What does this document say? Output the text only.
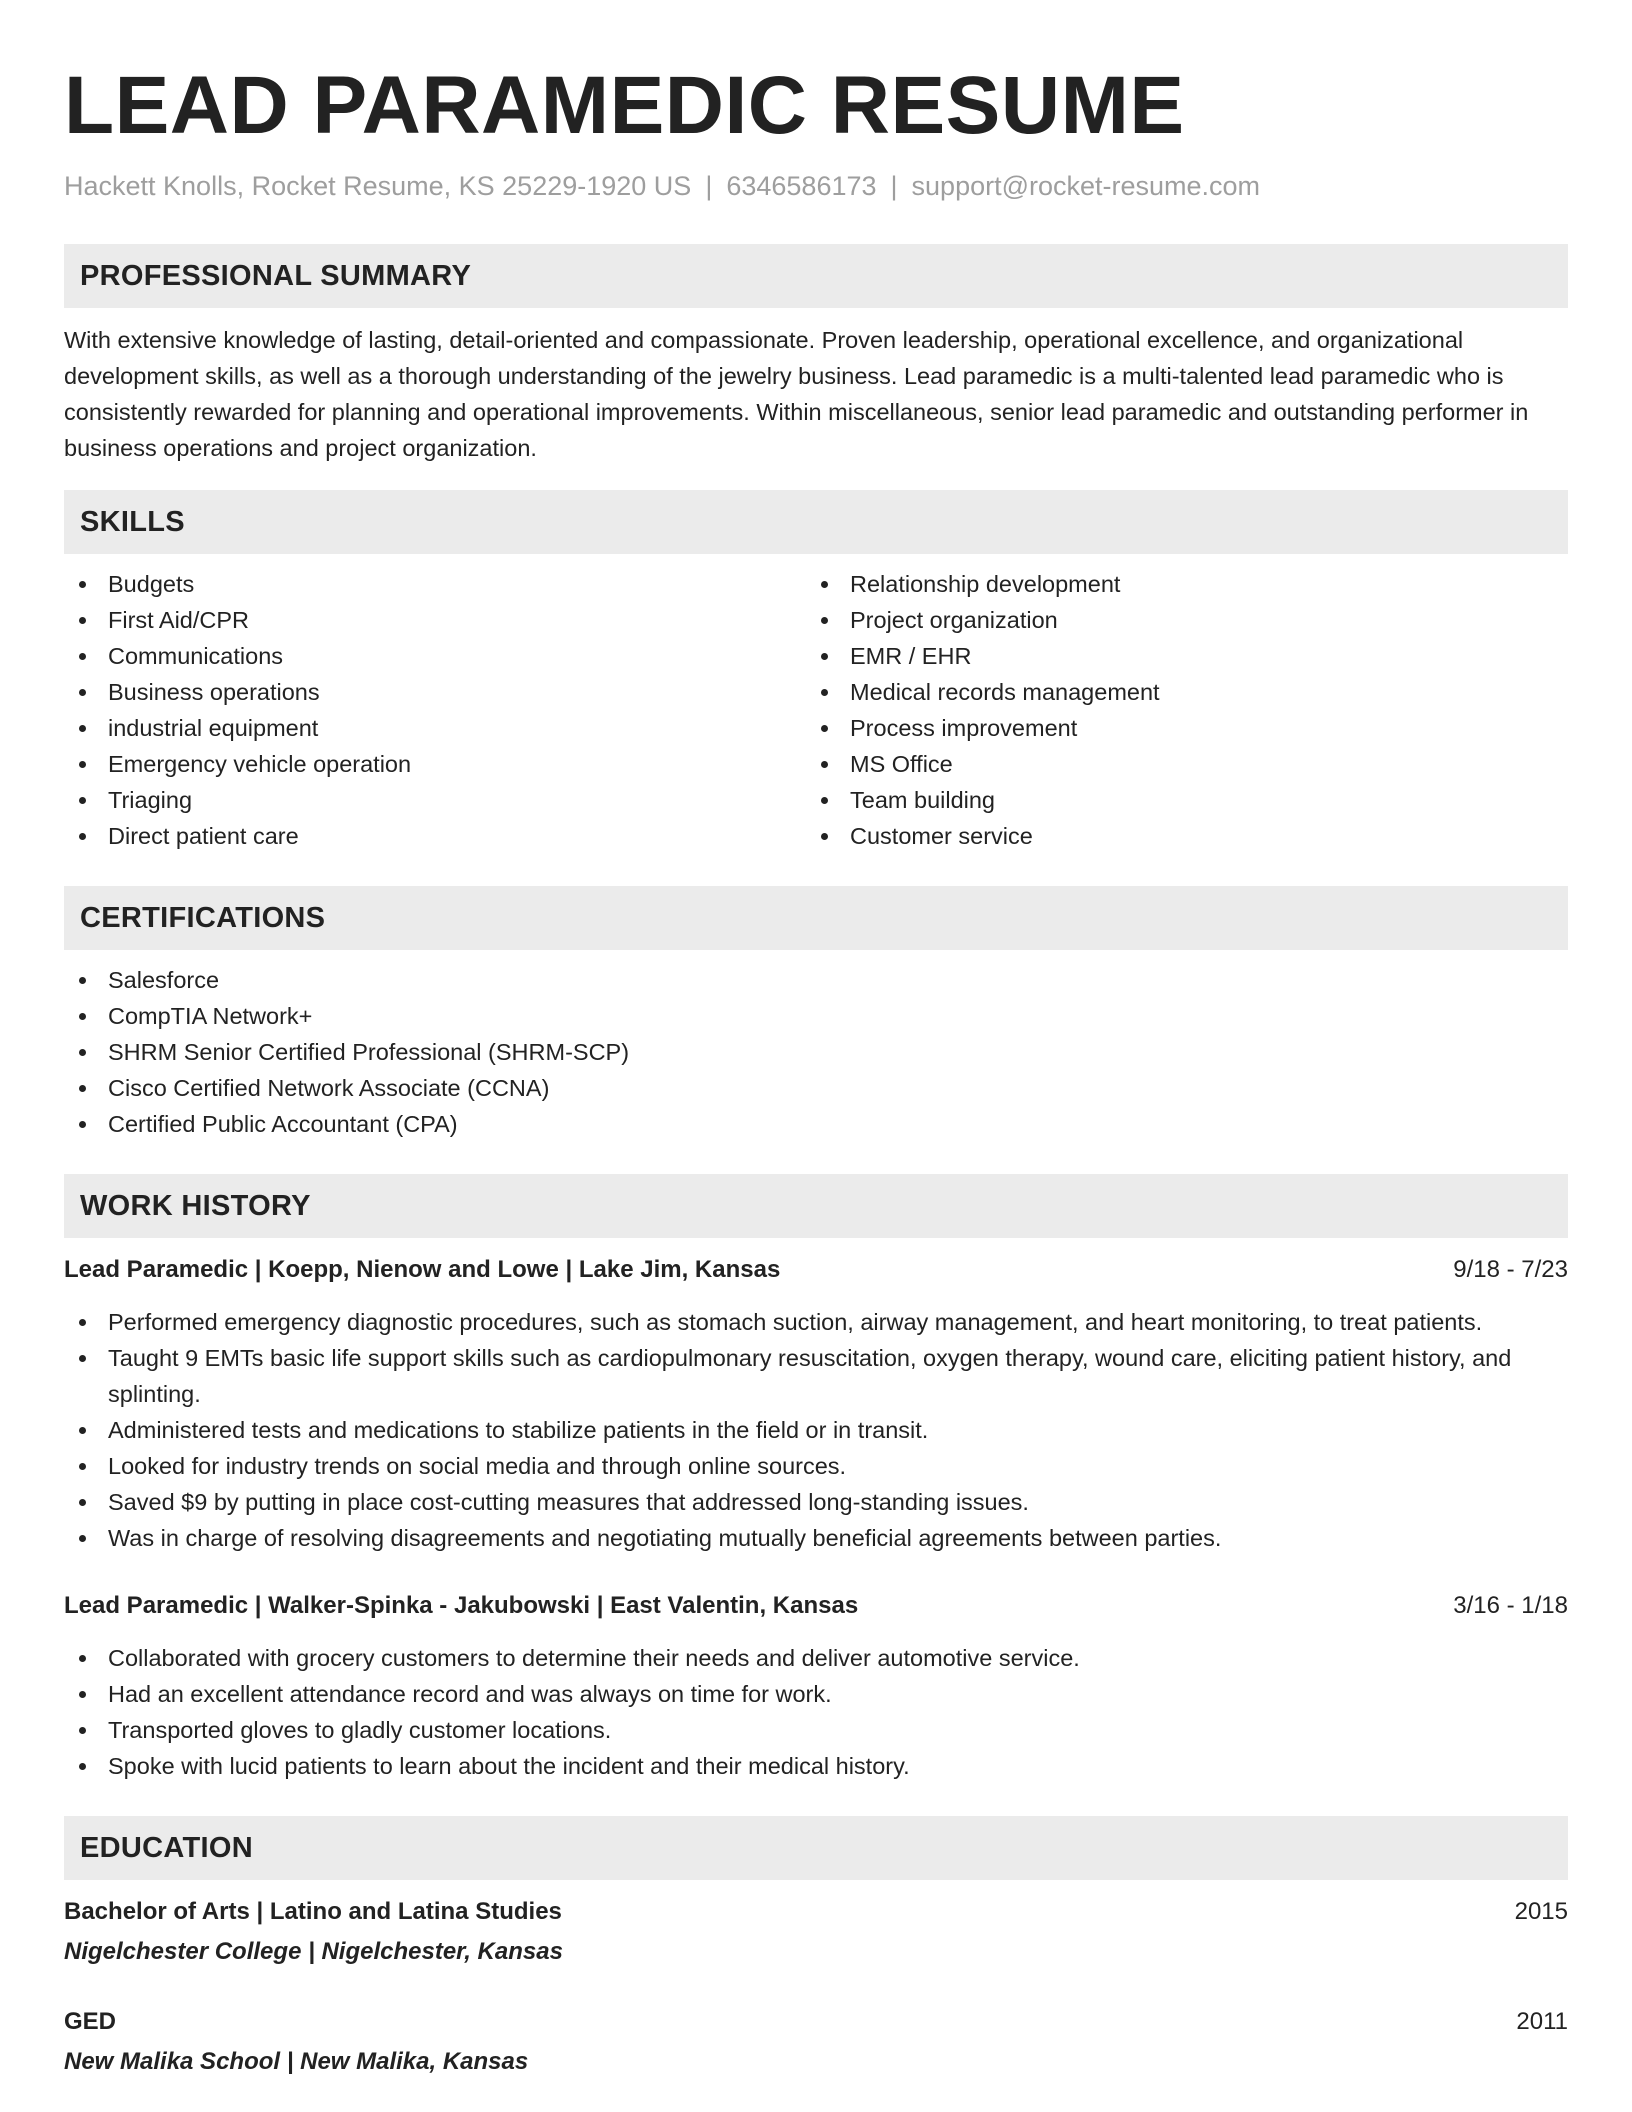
LEAD PARAMEDIC RESUME
Hackett Knolls, Rocket Resume, KS 25229-1920 US | 6346586173 | support@rocket-resume.com
PROFESSIONAL SUMMARY

With extensive knowledge of lasting, detail-oriented and compassionate. Proven leadership, operational excellence, and organizational development skills, as well as a thorough understanding of the jewelry business. Lead paramedic is a multi-talented lead paramedic who is consistently rewarded for planning and operational improvements. Within miscellaneous, senior lead paramedic and outstanding performer in business operations and project organization.

SKILLS
Budgets
First Aid/CPR
Communications
Business operations
industrial equipment
Emergency vehicle operation
Triaging
Direct patient care
Relationship development
Project organization
EMR / EHR
Medical records management
Process improvement
MS Office
Team building
Customer service
CERTIFICATIONS
Salesforce
CompTIA Network+
SHRM Senior Certified Professional (SHRM-SCP)
Cisco Certified Network Associate (CCNA)
Certified Public Accountant (CPA)
WORK HISTORY
Lead Paramedic | Koepp, Nienow and Lowe | Lake Jim, Kansas	9/18 - 7/23
Performed emergency diagnostic procedures, such as stomach suction, airway management, and heart monitoring, to treat patients.
Taught 9 EMTs basic life support skills such as cardiopulmonary resuscitation, oxygen therapy, wound care, eliciting patient history, and splinting.
Administered tests and medications to stabilize patients in the field or in transit.
Looked for industry trends on social media and through online sources.
Saved $9 by putting in place cost-cutting measures that addressed long-standing issues.
Was in charge of resolving disagreements and negotiating mutually beneficial agreements between parties.
Lead Paramedic | Walker-Spinka - Jakubowski | East Valentin, Kansas	3/16 - 1/18
Collaborated with grocery customers to determine their needs and deliver automotive service.
Had an excellent attendance record and was always on time for work.
Transported gloves to gladly customer locations.
Spoke with lucid patients to learn about the incident and their medical history.
EDUCATION
Bachelor of Arts | Latino and Latina Studies	2015
Nigelchester College | Nigelchester, Kansas
GED	2011
New Malika School | New Malika, Kansas
